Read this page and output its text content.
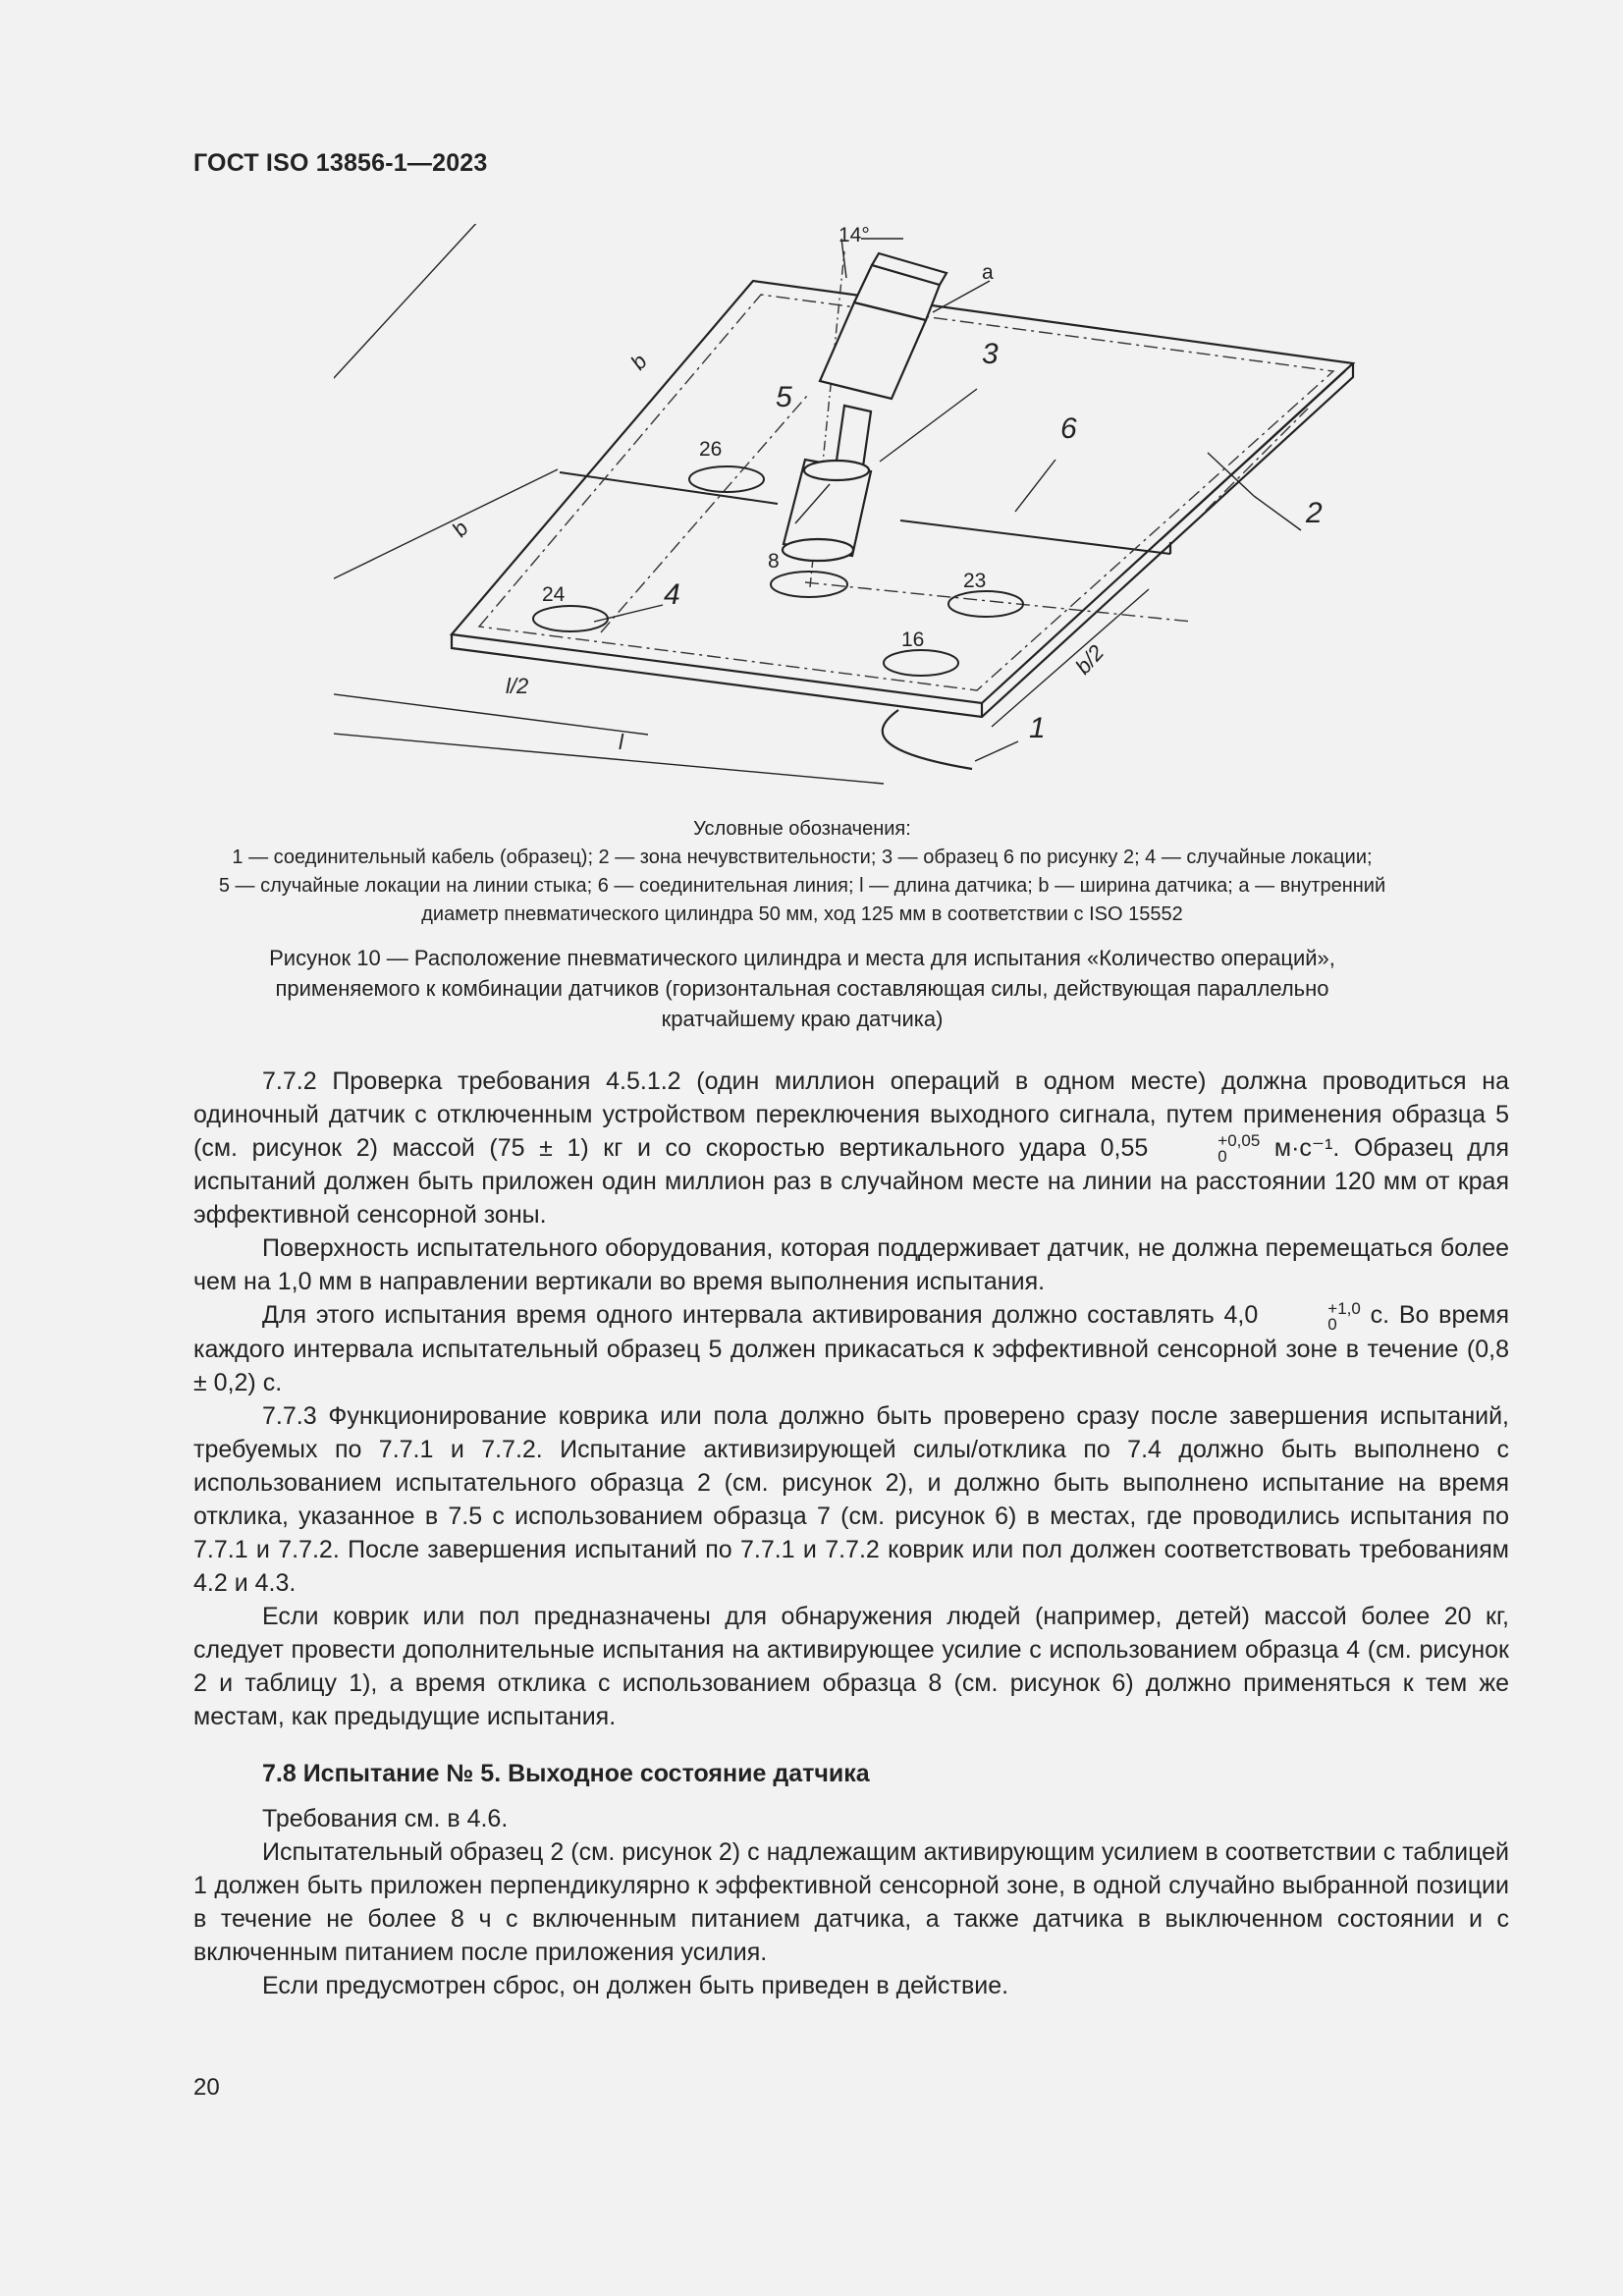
ГОСТ ISO 13856-1—2023
14°
а
26
8
23
24
16
3
5
6
2
4
1
b
b
b/2
l/2
l
Условные обозначения:
1 — соединительный кабель (образец); 2 — зона нечувствительности; 3 — образец 6 по рисунку 2; 4 — случайные локации;
5 — случайные локации на линии стыка; 6 — соединительная линия; l — длина датчика; b — ширина датчика; a — внутренний
диаметр пневматического цилиндра 50 мм, ход 125 мм в соответствии с ISO 15552
Рисунок 10 — Расположение пневматического цилиндра и места для испытания «Количество операций»,
применяемого к комбинации датчиков (горизонтальная составляющая силы, действующая параллельно
кратчайшему краю датчика)

7.7.2 Проверка требования 4.5.1.2 (один миллион операций в одном месте) должна проводиться на одиночный датчик с отключенным устройством переключения выходного сигнала, путем применения образца 5 (см. рисунок 2) массой (75 ± 1) кг и со скоростью вертикального удара 0,55	+0,05
0	м·с⁻¹. Образец для испытаний должен быть приложен один миллион раз в случайном месте на линии на расстоянии 120 мм от края эффективной сенсорной зоны.

Поверхность испытательного оборудования, которая поддерживает датчик, не должна перемещаться более чем на 1,0 мм в направлении вертикали во время выполнения испытания.

Для этого испытания время одного интервала активирования должно составлять 4,0	+1,0
0 с. Во время каждого интервала испытательный образец 5 должен прикасаться к эффективной сенсорной зоне в течение (0,8 ± 0,2) с.

7.7.3 Функционирование коврика или пола должно быть проверено сразу после завершения испытаний, требуемых по 7.7.1 и 7.7.2. Испытание активизирующей силы/отклика по 7.4 должно быть выполнено с использованием испытательного образца 2 (см. рисунок 2), и должно быть выполнено испытание на время отклика, указанное в 7.5 с использованием образца 7 (см. рисунок 6) в местах, где проводились испытания по 7.7.1 и 7.7.2. После завершения испытаний по 7.7.1 и 7.7.2 коврик или пол должен соответствовать требованиям 4.2 и 4.3.

Если коврик или пол предназначены для обнаружения людей (например, детей) массой более 20 кг, следует провести дополнительные испытания на активирующее усилие с использованием образца 4 (см. рисунок 2 и таблицу 1), а время отклика с использованием образца 8 (см. рисунок 6) должно применяться к тем же местам, как предыдущие испытания.

7.8 Испытание № 5. Выходное состояние датчика

Требования см. в 4.6.

Испытательный образец 2 (см. рисунок 2) с надлежащим активирующим усилием в соответствии с таблицей 1 должен быть приложен перпендикулярно к эффективной сенсорной зоне, в одной случайно выбранной позиции в течение не более 8 ч с включенным питанием датчика, а также датчика в выключенном состоянии и с включенным питанием после приложения усилия.

Если предусмотрен сброс, он должен быть приведен в действие.

20
